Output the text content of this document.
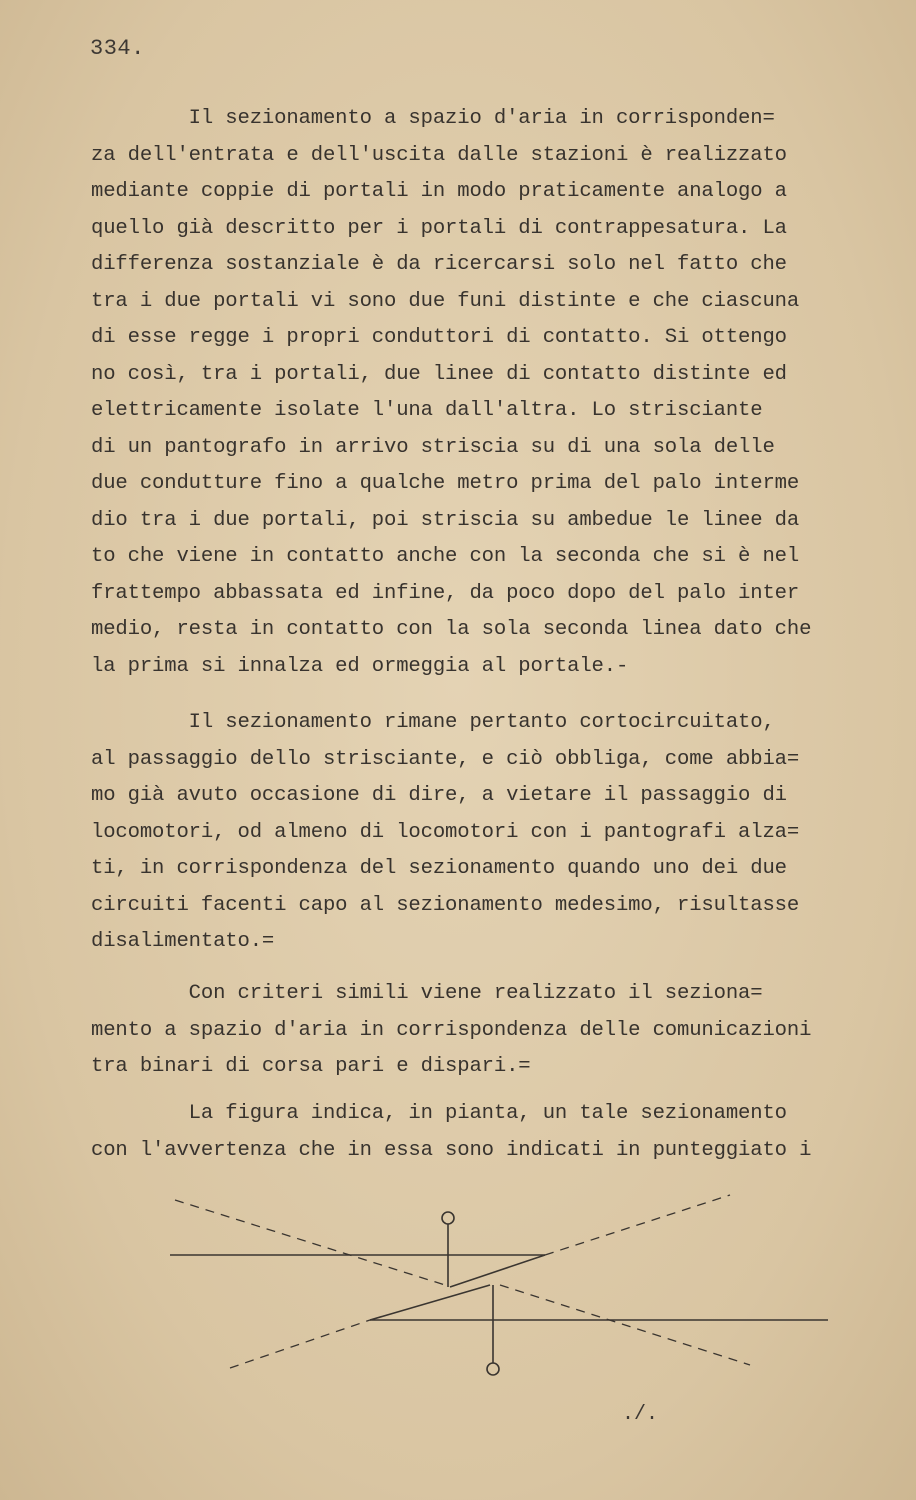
334.
Il sezionamento a spazio d'aria in corrisponden=
za dell'entrata e dell'uscita dalle stazioni è realizzato
mediante coppie di portali in modo praticamente analogo a
quello già descritto per i portali di contrappesatura. La
differenza sostanziale è da ricercarsi solo nel fatto che
tra i due portali vi sono due funi distinte e che ciascuna
di esse regge i propri conduttori di contatto. Si ottengo
no così, tra i portali, due linee di contatto distinte ed
elettricamente isolate l'una dall'altra. Lo strisciante
di un pantografo in arrivo striscia su di una sola delle
due condutture fino a qualche metro prima del palo interme
dio tra i due portali, poi striscia su ambedue le linee da
to che viene in contatto anche con la seconda che si è nel
frattempo abbassata ed infine, da poco dopo del palo inter
medio, resta in contatto con la sola seconda linea dato che
la prima si innalza ed ormeggia al portale.-
Il sezionamento rimane pertanto cortocircuitato,
al passaggio dello strisciante, e ciò obbliga, come abbia=
mo già avuto occasione di dire, a vietare il passaggio di
locomotori, od almeno di locomotori con i pantografi alza=
ti, in corrispondenza del sezionamento quando uno dei due
circuiti facenti capo al sezionamento medesimo, risultasse
disalimentato.=
Con criteri simili viene realizzato il seziona=
mento a spazio d'aria in corrispondenza delle comunicazioni
tra binari di corsa pari e dispari.=
La figura indica, in pianta, un tale sezionamento
con l'avvertenza che in essa sono indicati in punteggiato i
./.
